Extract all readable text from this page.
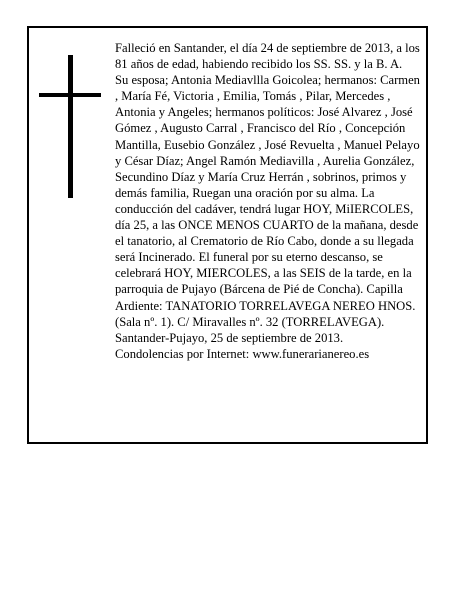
Falleció en Santander, el día 24 de septiembre de 2013, a los 81 años de edad, habiendo recibido los SS. SS. y la B. A.

Su esposa; Antonia Mediavllla Goicolea; hermanos: Carmen , María Fé, Victoria , Emilia, Tomás , Pilar, Mercedes , Antonia y Angeles; hermanos políticos: José Alvarez , José Gómez , Augusto Carral , Francisco del Río , Concepción Mantilla, Eusebio González , José Revuelta , Manuel Pelayo y César Díaz; Angel Ramón Mediavilla , Aurelia González, Secundino Díaz y María Cruz Herrán , sobrinos, primos y demás familia, Ruegan una oración por su alma. La conducción del cadáver, tendrá lugar HOY, MiIERCOLES, día 25, a las ONCE MENOS CUARTO de la mañana, desde el tanatorio, al Crematorio de Río Cabo, donde a su llegada será Incinerado. El funeral por su eterno descanso, se celebrará HOY, MIERCOLES, a las SEIS de la tarde, en la parroquia de Pujayo (Bárcena de Pié de Concha). Capilla Ardiente: TANATORIO TORRELAVEGA NEREO HNOS. (Sala nº. 1). C/ Miravalles nº. 32 (TORRELAVEGA).

Santander-Pujayo, 25 de septiembre de 2013.

Condolencias por Internet: www.funerarianereo.es
